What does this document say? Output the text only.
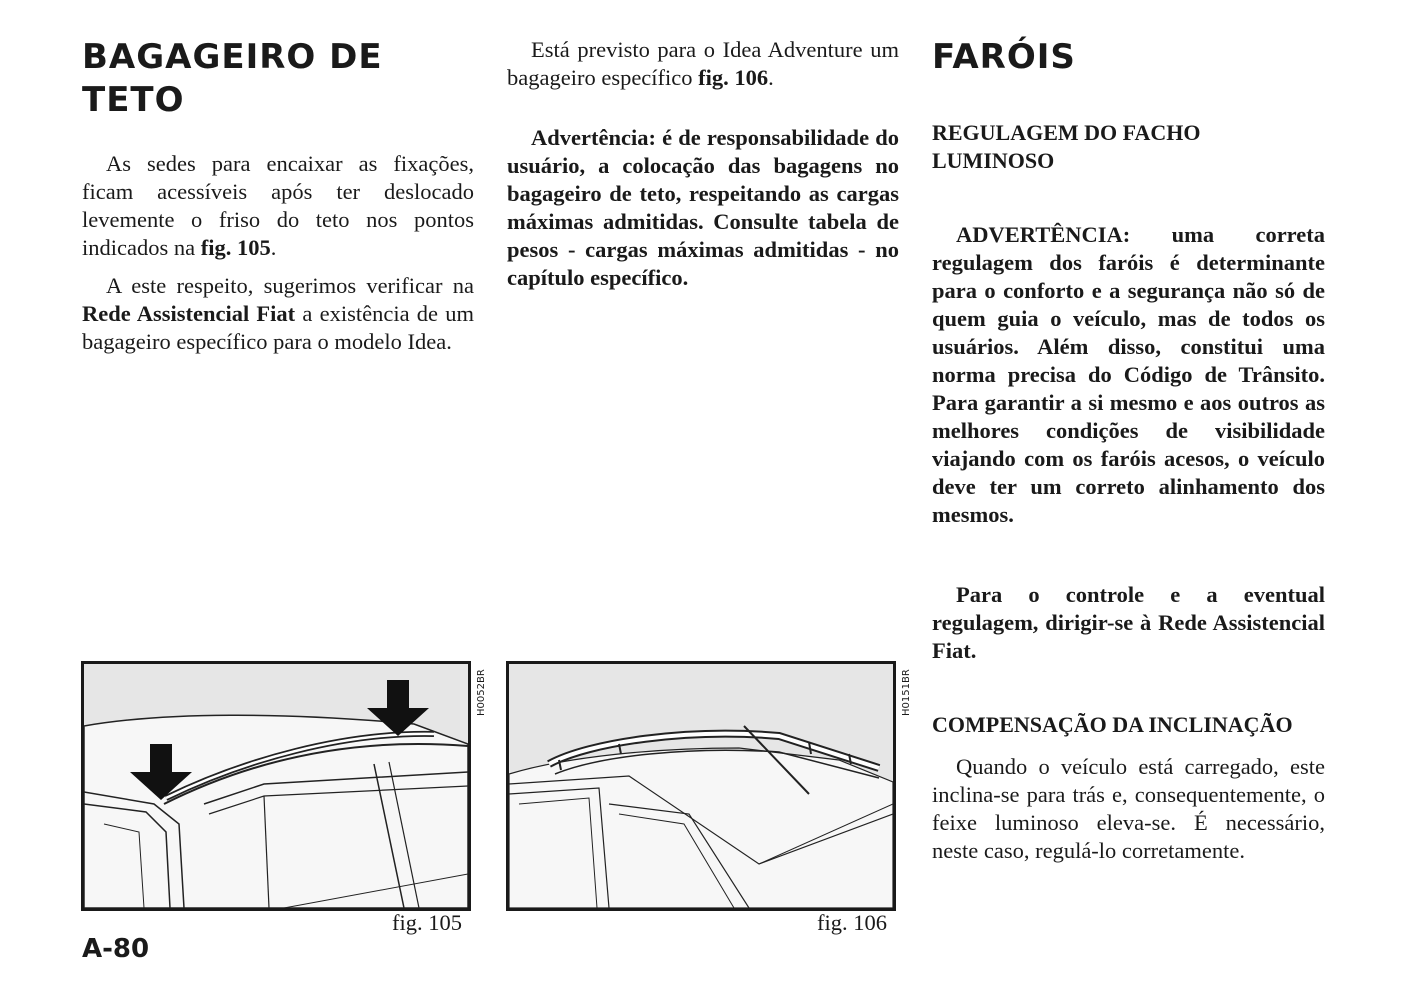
BAGAGEIRO DE
TETO

As sedes para encaixar as fixações, ficam acessíveis após ter deslocado levemente o friso do teto nos pontos indicados na fig. 105.

A este respeito, sugerimos verificar na Rede Assistencial Fiat a existência de um bagageiro específico para o modelo Idea.

Está previsto para o Idea Adventure um bagageiro específico fig. 106.

Advertência: é de responsabilidade do usuário, a colocação das bagagens no bagageiro de teto, respeitando as cargas máximas admitidas. Consulte tabela de pesos - cargas máximas admitidas - no capítulo específico.

FARÓIS
REGULAGEM DO FACHO
LUMINOSO

ADVERTÊNCIA: uma correta regulagem dos faróis é determinante para o conforto e a segurança não só de quem guia o veículo, mas de todos os usuários. Além disso, constitui uma norma precisa do Código de Trânsito. Para garantir a si mesmo e aos outros as melhores condições de visibilidade viajando com os faróis acesos, o veículo deve ter um correto alinhamento dos mesmos.

Para o controle e a eventual regulagem, dirigir-se à Rede Assistencial Fiat.

COMPENSAÇÃO DA INCLINAÇÃO

Quando o veículo está carregado, este inclina-se para trás e, consequentemente, o feixe luminoso eleva-se. É necessário, neste caso, regulá-lo corretamente.

H0052BR
fig. 105
H0151BR
fig. 106
A-80
